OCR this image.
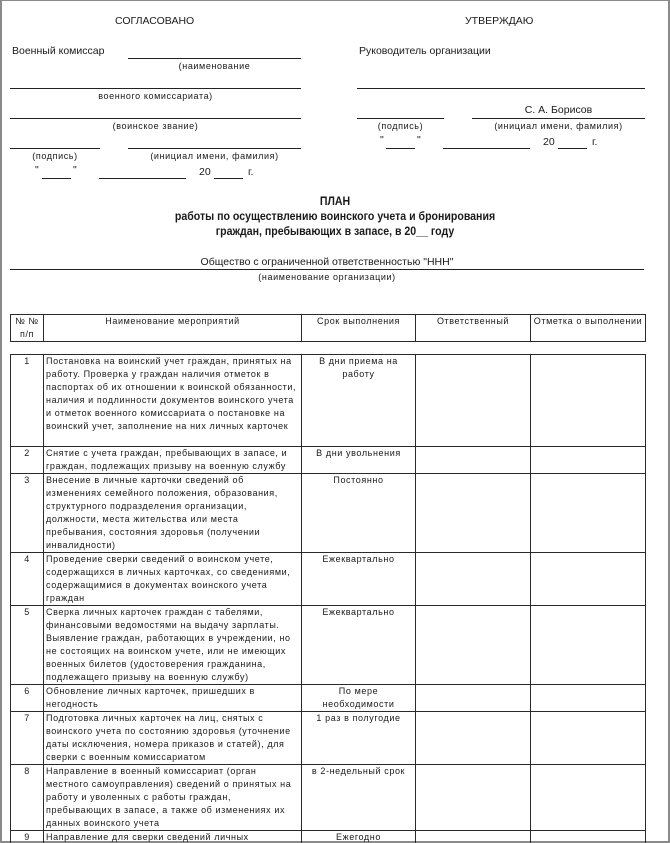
СОГЛАСОВАНО
Военный комиссар
(наименование
военного комиссариата)
(воинское звание)
(подпись)	(инициал имени, фамилия)
"	"	20	г.
УТВЕРЖДАЮ
Руководитель организации
(подпись)
С. А. Борисов
(инициал имени, фамилия)
"	"	20	г.
ПЛАН
работы по осуществлению воинского учета и бронирования
граждан, пребывающих в запасе, в 20__ году
Общество с ограниченной ответственностью "ННН"
(наименование организации)
№ № п/п	Наименование мероприятий	Срок выполнения	Ответственный	Отметка о выполнении
1	Постановка на воинский учет граждан, принятых на работу. Проверка у граждан наличия отметок в паспортах об их отношении к воинской обязанности, наличия и подлинности документов воинского учета и отметок военного комиссариата о постановке на воинский учет, заполнение на них личных карточек	В дни приема на работу		
2	Снятие с учета граждан, пребывающих в запасе, и граждан, подлежащих призыву на военную службу	В дни увольнения		
3	Внесение в личные карточки сведений об изменениях семейного положения, образования, структурного подразделения организации, должности, места жительства или места пребывания, состояния здоровья (получении инвалидности)	Постоянно		
4	Проведение сверки сведений о воинском учете, содержащихся в личных карточках, со сведениями, содержащимися в документах воинского учета граждан	Ежеквартально		
5	Сверка личных карточек граждан с табелями, финансовыми ведомостями на выдачу зарплаты. Выявление граждан, работающих в учреждении, но не состоящих на воинском учете, или не имеющих военных билетов (удостоверения гражданина, подлежащего призыву на военную службу)	Ежеквартально		
6	Обновление личных карточек, пришедших в негодность	По мере необходимости		
7	Подготовка личных карточек на лиц, снятых с воинского учета по состоянию здоровья (уточнение даты исключения, номера приказов и статей), для сверки с военным комиссариатом	1 раз в полугодие		
8	Направление в военный комиссариат (орган местного самоуправления) сведений о принятых на работу и уволенных с работы граждан, пребывающих в запасе, а также об изменениях их данных воинского учета	в 2-недельный срок		
9	Направление для сверки сведений личных	Ежегодно		
